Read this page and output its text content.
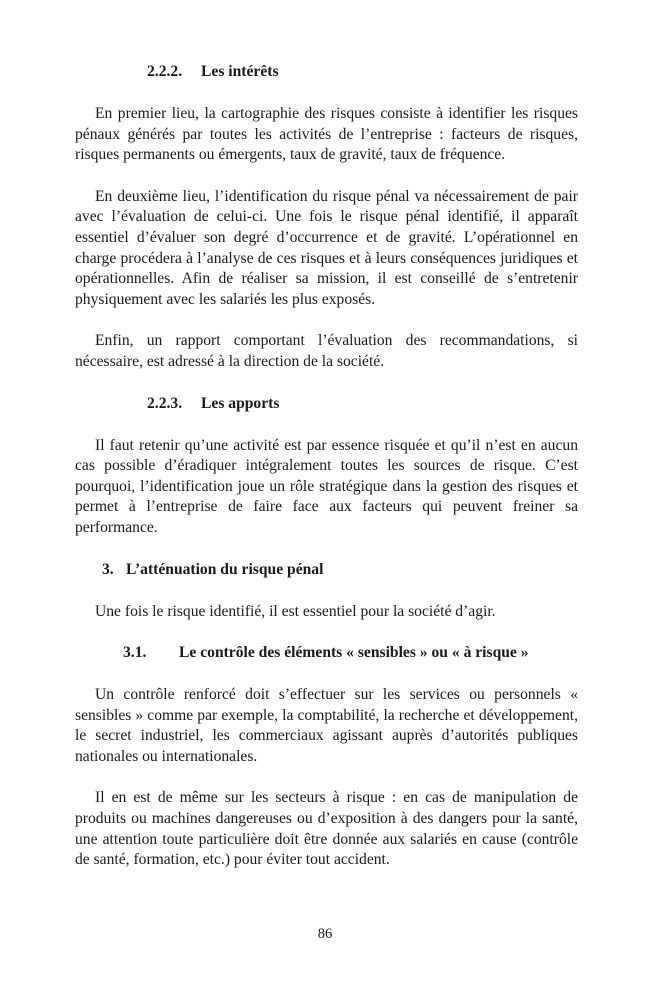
2.2.2. Les intérêts

En premier lieu, la cartographie des risques consiste à identifier les risques pénaux générés par toutes les activités de l’entreprise : facteurs de risques, risques permanents ou émergents, taux de gravité, taux de fréquence.

En deuxième lieu, l’identification du risque pénal va nécessairement de pair avec l’évaluation de celui-ci. Une fois le risque pénal identifié, il apparaît essentiel d’évaluer son degré d’occurrence et de gravité. L’opérationnel en charge procédera à l’analyse de ces risques et à leurs conséquences juridiques et opérationnelles. Afin de réaliser sa mission, il est conseillé de s’entretenir physiquement avec les salariés les plus exposés.

Enfin, un rapport comportant l’évaluation des recommandations, si nécessaire, est adressé à la direction de la société.

2.2.3. Les apports

Il faut retenir qu’une activité est par essence risquée et qu’il n’est en aucun cas possible d’éradiquer intégralement toutes les sources de risque. C’est pourquoi, l’identification joue un rôle stratégique dans la gestion des risques et permet à l’entreprise de faire face aux facteurs qui peuvent freiner sa performance.

3. L’atténuation du risque pénal

Une fois le risque identifié, il est essentiel pour la société d’agir.

3.1. Le contrôle des éléments « sensibles » ou « à risque »

Un contrôle renforcé doit s’effectuer sur les services ou personnels « sensibles » comme par exemple, la comptabilité, la recherche et développement, le secret industriel, les commerciaux agissant auprès d’autorités publiques nationales ou internationales.

Il en est de même sur les secteurs à risque : en cas de manipulation de produits ou machines dangereuses ou d’exposition à des dangers pour la santé, une attention toute particulière doit être donnée aux salariés en cause (contrôle de santé, formation, etc.) pour éviter tout accident.

86
